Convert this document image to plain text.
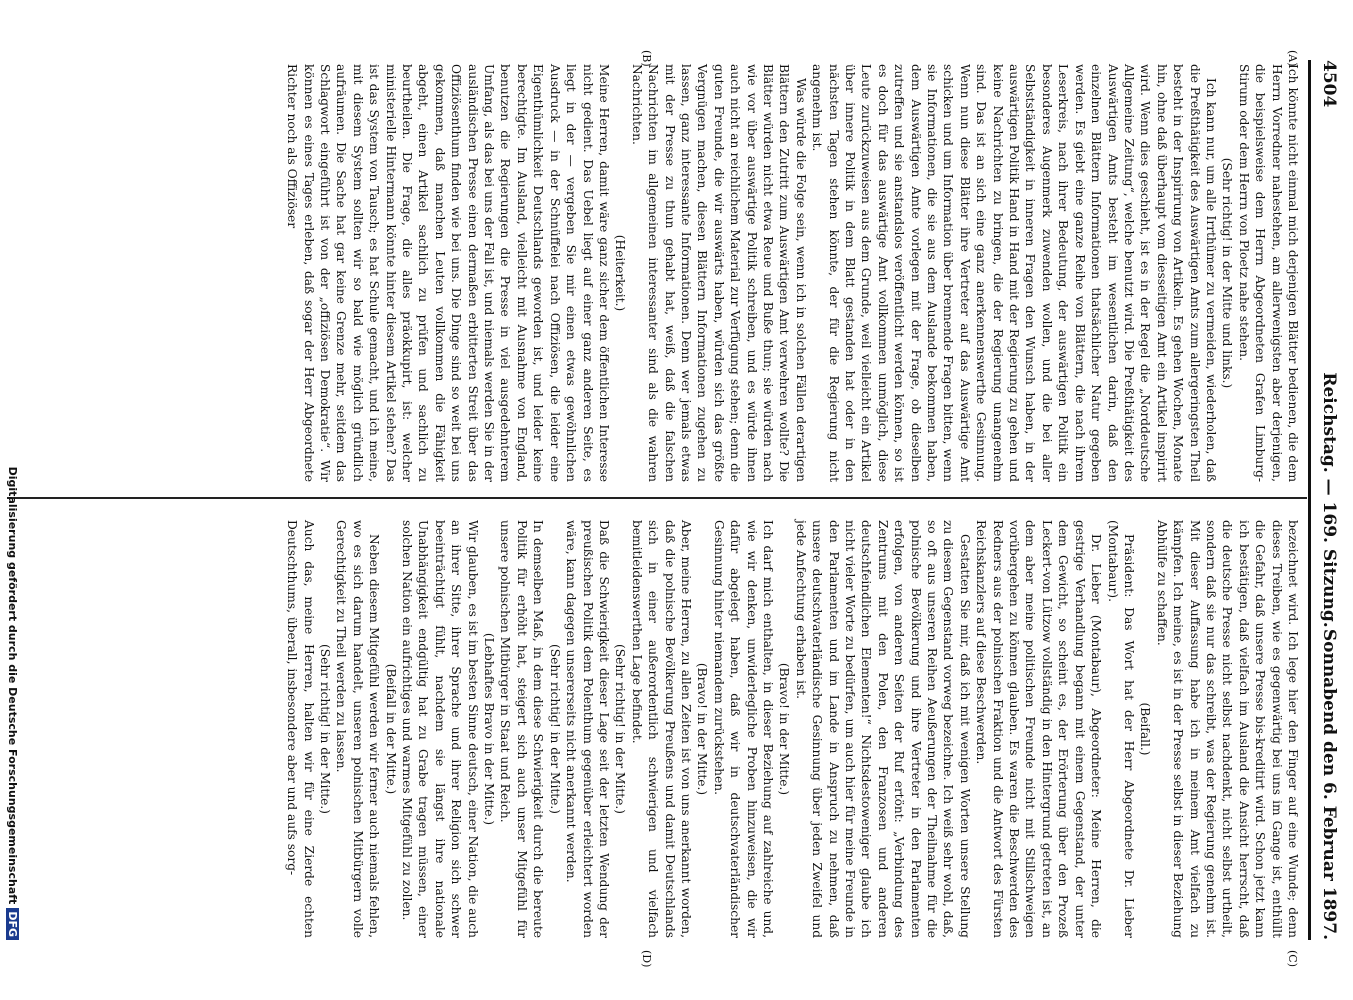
4504
Reichstag. — 169. Sitzung.
Sonnabend den 6. Februar 1897.
(A)
(B)
(C)
(D)

Ich könnte nicht einmal mich derjenigen Blätter bedienen, die dem Herrn Vorredner nahestehen, am allerwenigsten aber derjenigen, die beispielsweise dem Herrn Abgeordneten Grafen Limburg-Stirum oder dem Herrn von Ploetz nahe stehen.

(Sehr richtig! in der Mitte und links.)

Ich kann nur, um alle Irrthümer zu vermeiden, wiederholen, daß die Preßthätigkeit des Auswärtigen Amts zum allergeringsten Theil besteht in der Inspirirung von Artikeln. Es gehen Wochen, Monate hin, ohne daß überhaupt vom diesseitigen Amt ein Artikel inspirirt wird. Wenn dies geschieht, ist es in der Regel die „Norddeutsche Allgemeine Zeitung“, welche benutzt wird. Die Preßthätigkeit des Auswärtigen Amts besteht im wesentlichen darin, daß den einzelnen Blättern Informationen thatsächlicher Natur gegeben werden. Es giebt eine ganze Reihe von Blättern, die nach ihrem Leserkreis, nach ihrer Bedeutung, der auswärtigen Politik ein besonderes Augenmerk zuwenden wollen, und die bei aller Selbstständigkeit in inneren Fragen den Wunsch haben, in der auswärtigen Politik Hand in Hand mit der Regierung zu gehen und keine Nachrichten zu bringen, die der Regierung unangenehm sind. Das ist an sich eine ganz anerkennenswerthe Gesinnung. Wenn nun diese Blätter ihre Vertreter auf das Auswärtige Amt schicken und um Information über brennende Fragen bitten, wenn sie Informationen, die sie aus dem Auslande bekommen haben, dem Auswärtigen Amte vorlegen mit der Frage, ob dieselben zutreffen und sie anstandslos veröffentlicht werden können, so ist es doch für das auswärtige Amt vollkommen unmöglich, diese Leute zurückzuweisen aus dem Grunde, weil vielleicht ein Artikel über innere Politik in dem Blatt gestanden hat oder in den nächsten Tagen stehen könnte, der für die Regierung nicht angenehm ist.

Was würde die Folge sein, wenn ich in solchen Fällen derartigen Blättern den Zutritt zum Auswärtigen Amt verwehren wollte? Die Blätter würden nicht etwa Reue und Buße thun; sie würden nach wie vor über auswärtige Politik schreiben, und es würde ihnen auch nicht an reichlichem Material zur Verfügung stehen; denn die guten Freunde, die wir auswärts haben, würden sich das größte Vergnügen machen, diesen Blättern Informationen zugehen zu lassen, ganz interessante Informationen. Denn wer jemals etwas mit der Presse zu thun gehabt hat, weiß, daß die falschen Nachrichten im allgemeinen interessanter sind als die wahren Nachrichten.

(Heiterkeit.)

Meine Herren, damit wäre ganz sicher dem öffentlichen Interesse nicht gedient. Das Uebel liegt auf einer ganz anderen Seite, es liegt in der — vergeben Sie mir einen etwas gewöhnlichen Ausdruck — in der Schnüffelei nach Offiziösen, die leider eine Eigenthümlichkeit Deutschlands geworden ist, und leider keine berechtigte. Im Ausland, vielleicht mit Ausnahme von England, benutzen die Regierungen die Presse in viel ausgedehnterem Umfang, als das bei uns der Fall ist, und niemals werden Sie in der ausländischen Presse einen dermaßen erbitterten Streit über das Offiziösenthum finden wie bei uns. Die Dinge sind so weit bei uns gekommen, daß manchen Leuten vollkommen die Fähigkeit abgeht, einen Artikel sachlich zu prüfen und sachlich zu beurtheilen. Die Frage, die alles präokkupirt, ist: welcher ministerielle Hintermann könnte hinter diesem Artikel stehen? Das ist das System von Tausch; es hat Schule gemacht, und ich meine, mit diesem System sollten wir so bald wie möglich gründlich aufräumen. Die Sache hat gar keine Grenze mehr, seitdem das Schlagwort eingeführt ist von der „offiziösen Demokratie“. Wir können es eines Tages erleben, daß sogar der Herr Abgeordnete Richter noch als Offiziöser

bezeichnet wird. Ich lege hier den Finger auf eine Wunde; denn dieses Treiben, wie es gegenwärtig bei uns im Gange ist, enthüllt die Gefahr, daß unsere Presse bis-kreditirt wird. Schon jetzt kann ich bestätigen, daß vielfach im Ausland die Ansicht herrscht, daß die deutsche Presse nicht selbst nachdenkt, nicht selbst urtheilt, sondern daß sie nur das schreibt, was der Regierung genehm ist. Mit dieser Auffassung habe ich in meinem Amt vielfach zu kämpfen. Ich meine, es ist in der Presse selbst in dieser Beziehung Abhülfe zu schaffen.

(Beifall.)

Präsident: Das Wort hat der Herr Abgeordnete Dr. Lieber (Montabaur).

Dr. Lieber (Montabaur), Abgeordneter: Meine Herren, die gestrige Verhandlung begann mit einem Gegenstand, der unter dem Gewicht, so scheint es, der Erörterung über den Prozeß Leckert-von Lützow vollständig in den Hintergrund getreten ist, an dem aber meine politischen Freunde nicht mit Stillschweigen vorübergehen zu können glauben. Es waren die Beschwerden des Redners aus der polnischen Fraktion und die Antwort des Fürsten Reichskanzlers auf diese Beschwerden.

Gestatten Sie mir, daß ich mit wenigen Worten unsere Stellung zu diesem Gegenstand vorweg bezeichne. Ich weiß sehr wohl, daß, so oft aus unseren Reihen Aeußerungen der Theilnahme für die polnische Bevölkerung und ihre Vertreter in den Parlamenten erfolgen, von anderen Seiten der Ruf ertönt: „Verbindung des Zentrums mit den Polen, den Franzosen und anderen deutschfeindlichen Elementen!“ Nichtsdestoweniger glaube ich nicht vieler Worte zu bedürfen, um auch hier für meine Freunde in den Parlamenten und im Lande in Anspruch zu nehmen, daß unsere deutschvaterländische Gesinnung über jeden Zweifel und jede Anfechtung erhaben ist.

(Bravo! in der Mitte.)

Ich darf mich enthalten, in dieser Beziehung auf zahlreiche und, wie wir denken, unwiderlegliche Proben hinzuweisen, die wir dafür abgelegt haben, daß wir in deutschvaterländischer Gesinnung hinter niemandem zurückstehen.

(Bravo! in der Mitte.)

Aber, meine Herren, zu allen Zeiten ist von uns anerkannt worden, daß die polnische Bevölkerung Preußens und damit Deutschlands sich in einer außerordentlich schwierigen und vielfach bemitleidenswerthen Lage befindet.

(Sehr richtig! in der Mitte.)

Daß die Schwierigkeit dieser Lage seit der letzten Wendung der preußischen Politik dem Polenthum gegenüber erleichtert worden wäre, kann dagegen unsererseits nicht anerkannt werden.

(Sehr richtig! in der Mitte.)

In demselben Maß, in dem diese Schwierigkeit durch die bereute Politik für erhöht hat, steigert sich auch unser Mitgefühl für unsere polnischen Mitbürger in Staat und Reich.

(Lebhaftes Bravo in der Mitte.)

Wir glauben, es ist im besten Sinne deutsch, einer Nation, die auch an ihrer Sitte, ihrer Sprache und ihrer Religion sich schwer beeinträchtigt fühlt, nachdem sie längst ihre nationale Unabhängigkeit endgültig hat zu Grabe tragen müssen, einer solchen Nation ein aufrichtiges und warmes Mitgefühl zu zollen.

(Beifall in der Mitte.)

Neben diesem Mitgefühl werden wir ferner auch niemals fehlen, wo es sich darum handelt, unseren polnischen Mitbürgern volle Gerechtigkeit zu Theil werden zu lassen.

(Sehr richtig! in der Mitte.)

Auch das, meine Herren, halten wir für eine Zierde echten Deutschthums, überall, insbesondere aber und aufs sorg-

Digitalisierung gefördert durch die Deutsche ForschungsgemeinschaftDFG
